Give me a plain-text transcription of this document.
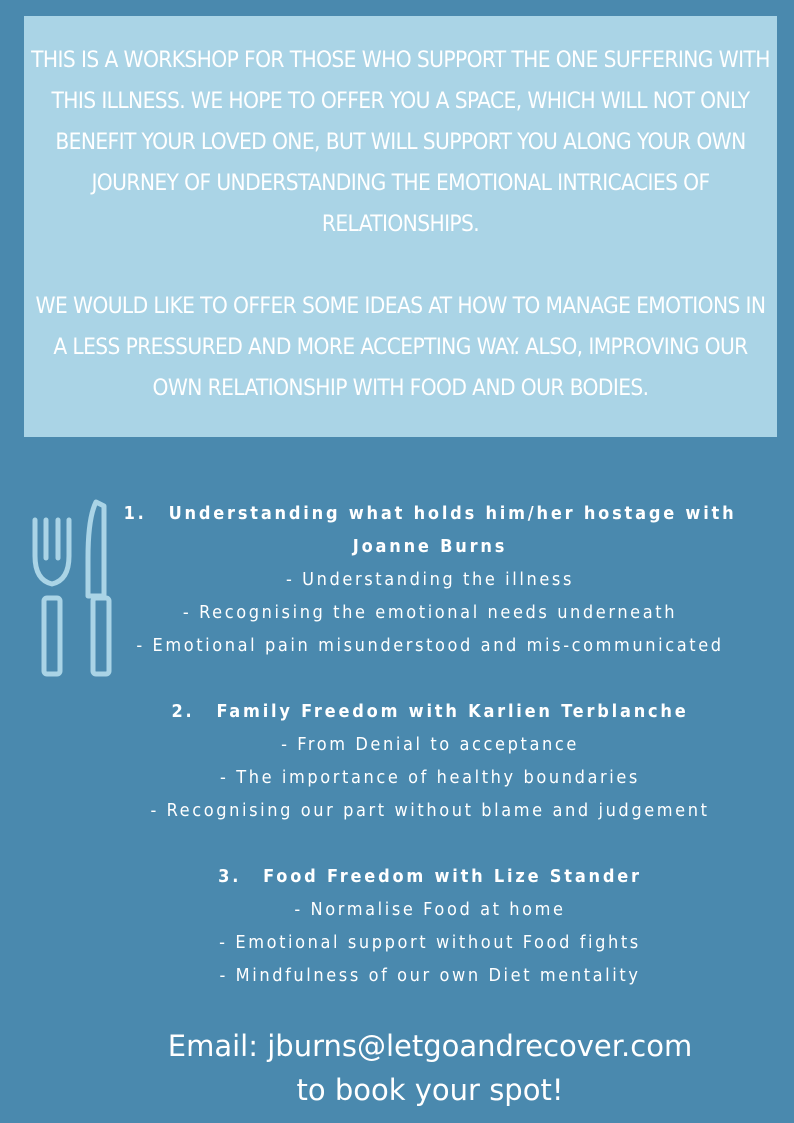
THIS IS A WORKSHOP FOR THOSE WHO SUPPORT THE ONE SUFFERING WITH THIS ILLNESS. WE HOPE TO OFFER YOU A SPACE, WHICH WILL NOT ONLY BENEFIT YOUR LOVED ONE, BUT WILL SUPPORT YOU ALONG YOUR OWN JOURNEY OF UNDERSTANDING THE EMOTIONAL INTRICACIES OF RELATIONSHIPS.

WE WOULD LIKE TO OFFER SOME IDEAS AT HOW TO MANAGE EMOTIONS IN A LESS PRESSURED AND MORE ACCEPTING WAY. ALSO, IMPROVING OUR OWN RELATIONSHIP WITH FOOD AND OUR BODIES.

1. Understanding what holds him/her hostage with
Joanne Burns
- Understanding the illness
- Recognising the emotional needs underneath
- Emotional pain misunderstood and mis-communicated
2. Family Freedom with Karlien Terblanche
- From Denial to acceptance
- The importance of healthy boundaries
- Recognising our part without blame and judgement
3. Food Freedom with Lize Stander
- Normalise Food at home
- Emotional support without Food fights
- Mindfulness of our own Diet mentality
Email: jburns@letgoandrecover.com
to book your spot!
